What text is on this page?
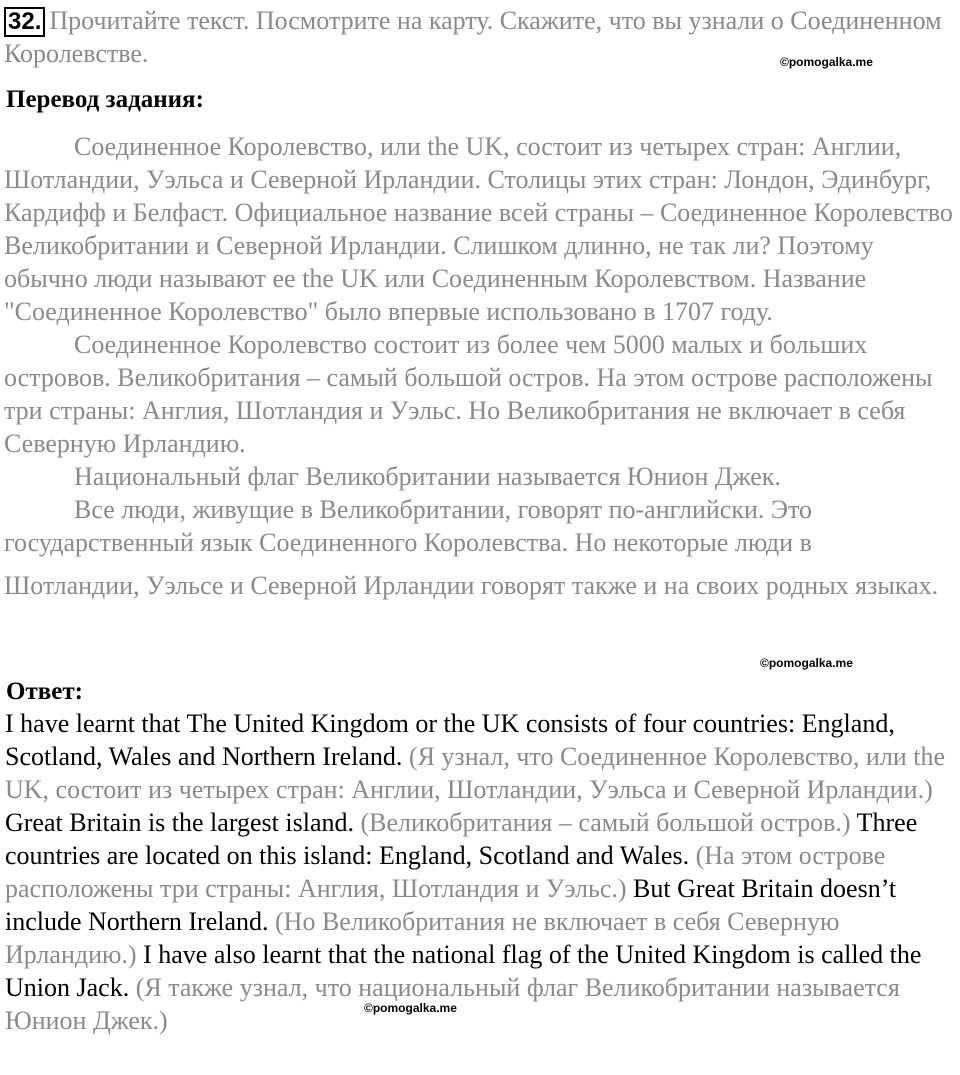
32. Прочитайте текст. Посмотрите на карту. Скажите, что вы узнали о Соединенном Королевстве.	©pomogalka.me
Перевод задания:

Соединенное Королевство, или the UK, состоит из четырех стран: Англии, Шотландии, Уэльса и Северной Ирландии. Столицы этих стран: Лондон, Эдинбург, Кардифф и Белфаст. Официальное название всей страны – Соединенное Королевство Великобритании и Северной Ирландии. Слишком длинно, не так ли? Поэтому обычно люди называют ее the UK или Соединенным Королевством. Название "Соединенное Королевство" было впервые использовано в 1707 году.

Соединенное Королевство состоит из более чем 5000 малых и больших островов. Великобритания – самый большой остров. На этом острове расположены три страны: Англия, Шотландия и Уэльс. Но Великобритания не включает в себя Северную Ирландию.

Национальный флаг Великобритании называется Юнион Джек.

Все люди, живущие в Великобритании, говорят по-английски. Это государственный язык Соединенного Королевства. Но некоторые люди в

Шотландии, Уэльсе и Северной Ирландии говорят также и на своих родных языках.

©pomogalka.me
Ответ:
I have learnt that The United Kingdom or the UK consists of four countries: England, Scotland, Wales and Northern Ireland. (Я узнал, что Соединенное Королевство, или the UK, состоит из четырех стран: Англии, Шотландии, Уэльса и Северной Ирландии.) Great Britain is the largest island. (Великобритания – самый большой остров.) Three countries are located on this island: England, Scotland and Wales. (На этом острове расположены три страны: Англия, Шотландия и Уэльс.) But Great Britain doesn’t include Northern Ireland. (Но Великобритания не включает в себя Северную Ирландию.) I have also learnt that the national flag of the United Kingdom is called the Union Jack. (Я также узнал, что национальный флаг Великобритании называется Юнион Джек.)	©pomogalka.me
